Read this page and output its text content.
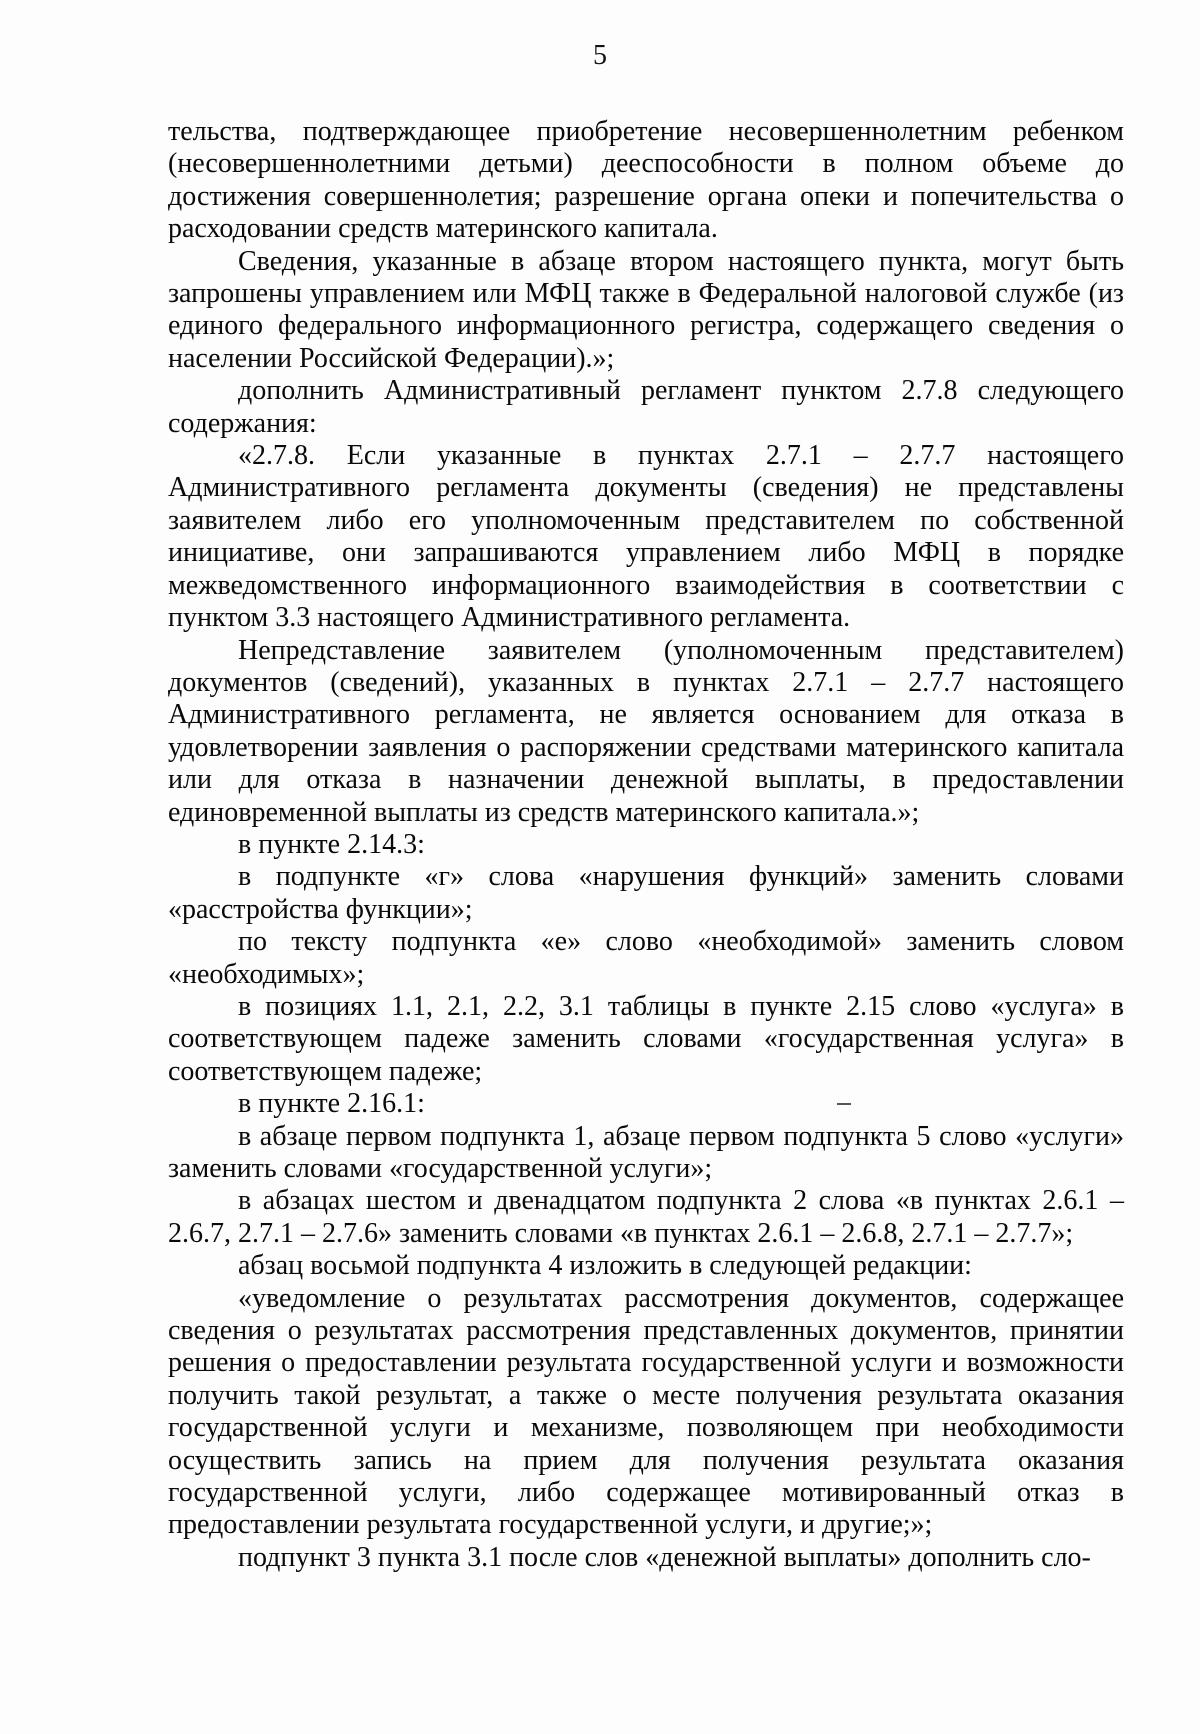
5

тельства, подтверждающее приобретение несовершеннолетним ребенком (несовершеннолетними детьми) дееспособности в полном объеме до достижения совершеннолетия; разрешение органа опеки и попечительства о расходовании средств материнского капитала.

Сведения, указанные в абзаце втором настоящего пункта, могут быть запрошены управлением или МФЦ также в Федеральной налоговой службе (из единого федерального информационного регистра, содержащего сведения о населении Российской Федерации).»;

дополнить Административный регламент пунктом 2.7.8 следующего содержания:

«2.7.8. Если указанные в пунктах 2.7.1 – 2.7.7 настоящего Административного регламента документы (сведения) не представлены заявителем либо его уполномоченным представителем по собственной инициативе, они запрашиваются управлением либо МФЦ в порядке межведомственного информационного взаимодействия в соответствии с пунктом 3.3 настоящего Административного регламента.

Непредставление заявителем (уполномоченным представителем) документов (сведений), указанных в пунктах 2.7.1 – 2.7.7 настоящего Административного регламента, не является основанием для отказа в удовлетворении заявления о распоряжении средствами материнского капитала или для отказа в назначении денежной выплаты, в предоставлении единовременной выплаты из средств материнского капитала.»;

в пункте 2.14.3:

в подпункте «г» слова «нарушения функций» заменить словами «расстройства функции»;

по тексту подпункта «е» слово «необходимой» заменить словом «необходимых»;

в позициях 1.1, 2.1, 2.2, 3.1 таблицы в пункте 2.15 слово «услуга» в соответствующем падеже заменить словами «государственная услуга» в соответствующем падеже;

в пункте 2.16.1:

в абзаце первом подпункта 1, абзаце первом подпункта 5 слово «услуги» заменить словами «государственной услуги»;

в абзацах шестом и двенадцатом подпункта 2 слова «в пунктах 2.6.1 – 2.6.7, 2.7.1 – 2.7.6» заменить словами «в пунктах 2.6.1 – 2.6.8, 2.7.1 – 2.7.7»;

абзац восьмой подпункта 4 изложить в следующей редакции:

«уведомление о результатах рассмотрения документов, содержащее сведения о результатах рассмотрения представленных документов, принятии решения о предоставлении результата государственной услуги и возможности получить такой результат, а также о месте получения результата оказания государственной услуги и механизме, позволяющем при необходимости осуществить запись на прием для получения результата оказания государственной услуги, либо содержащее мотивированный отказ в предоставлении результата государственной услуги, и другие;»;

подпункт 3 пункта 3.1 после слов «денежной выплаты» дополнить сло-
